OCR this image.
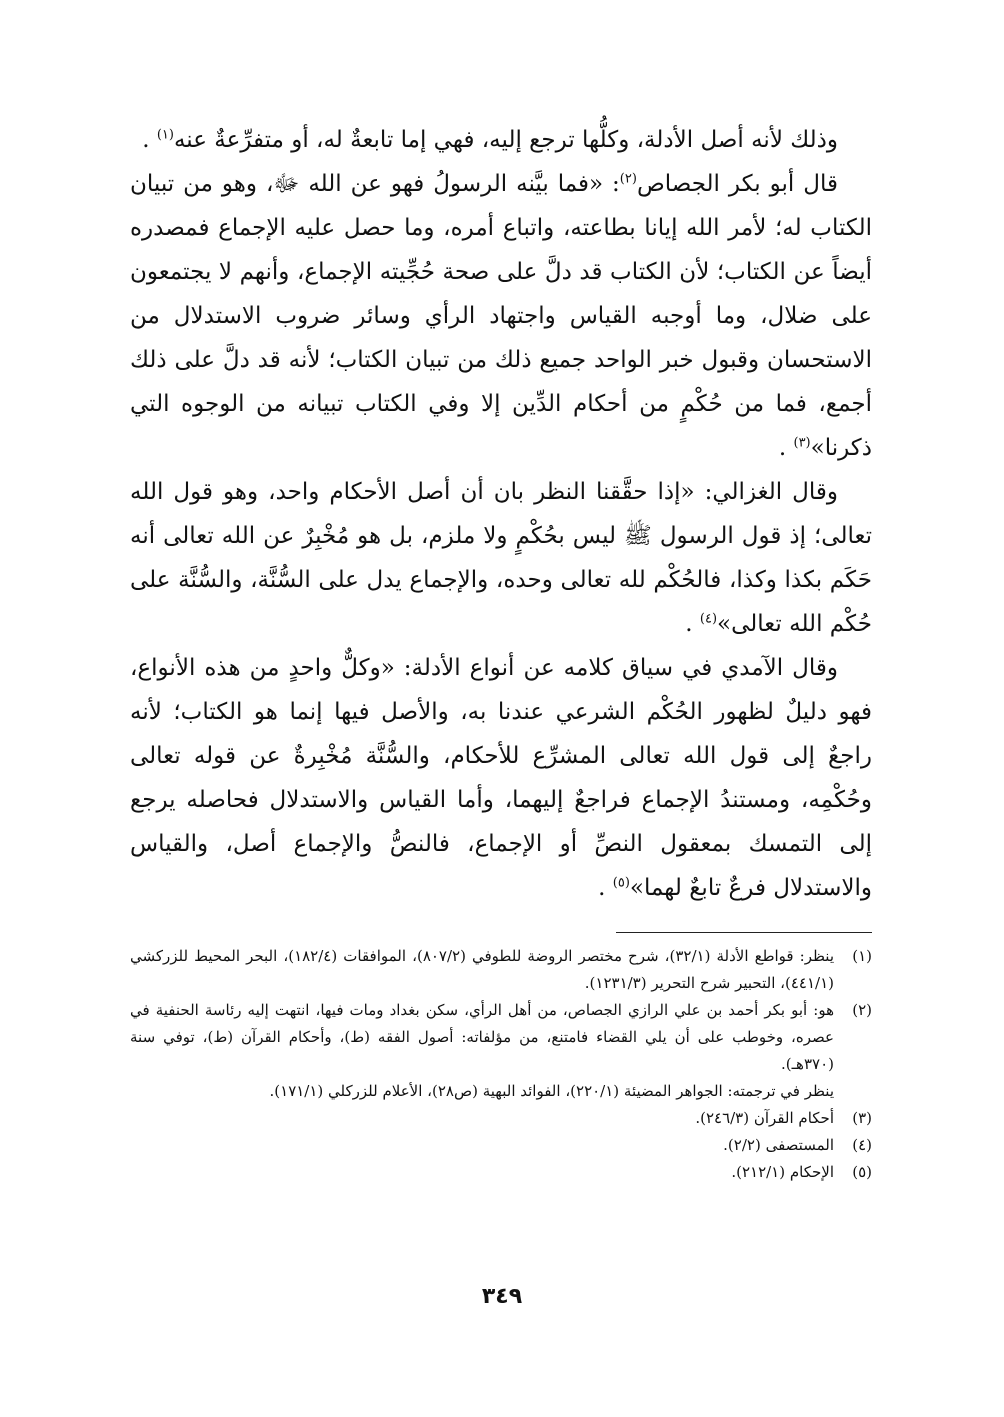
وذلك لأنه أصل الأدلة، وكلُّها ترجع إليه، فهي إما تابعةٌ له، أو متفرِّعةٌ عنه$^{(١)}$ .

قال أبو بكر الجصاص$^{(٢)}$: «فما بيَّنه الرسولُ فهو عن الله ﷻ، وهو من تبيان الكتاب له؛ لأمر الله إيانا بطاعته، واتباع أمره، وما حصل عليه الإجماع فمصدره أيضاً عن الكتاب؛ لأن الكتاب قد دلَّ على صحة حُجِّيته الإجماع، وأنهم لا يجتمعون على ضلال، وما أوجبه القياس واجتهاد الرأي وسائر ضروب الاستدلال من الاستحسان وقبول خبر الواحد جميع ذلك من تبيان الكتاب؛ لأنه قد دلَّ على ذلك أجمع، فما من حُكْمٍ من أحكام الدِّين إلا وفي الكتاب تبيانه من الوجوه التي ذكرنا»$^{(٣)}$ .

وقال الغزالي: «إذا حقَّقنا النظر بان أن أصل الأحكام واحد، وهو قول الله تعالى؛ إذ قول الرسول ﷺ ليس بحُكْمٍ ولا ملزم، بل هو مُخْبِرٌ عن الله تعالى أنه حَكَم بكذا وكذا، فالحُكْم لله تعالى وحده، والإجماع يدل على السُّنَّة، والسُّنَّة على حُكْم الله تعالى»$^{(٤)}$ .

وقال الآمدي في سياق كلامه عن أنواع الأدلة: «وكلٌّ واحدٍ من هذه الأنواع، فهو دليلٌ لظهور الحُكْم الشرعي عندنا به، والأصل فيها إنما هو الكتاب؛ لأنه راجعٌ إلى قول الله تعالى المشرِّع للأحكام، والسُّنَّة مُخْبِرةٌ عن قوله تعالى وحُكْمِه، ومستندُ الإجماع فراجعٌ إليهما، وأما القياس والاستدلال فحاصله يرجع إلى التمسك بمعقول النصِّ أو الإجماع، فالنصُّ والإجماع أصل، والقياس والاستدلال فرعٌ تابعٌ لهما»$^{(٥)}$ .

(١)
ينظر: قواطع الأدلة (٣٢/١)، شرح مختصر الروضة للطوفي (٨٠٧/٢)، الموافقات (١٨٢/٤)، البحر المحيط للزركشي (٤٤١/١)، التحبير شرح التحرير (١٢٣١/٣).
(٢)
هو: أبو بكر أحمد بن علي الرازي الجصاص، من أهل الرأي، سكن بغداد ومات فيها، انتهت إليه رئاسة الحنفية في عصره، وخوطب على أن يلي القضاء فامتنع، من مؤلفاته: أصول الفقه (ط)، وأحكام القرآن (ط)، توفي سنة (٣٧٠هـ).
ينظر في ترجمته: الجواهر المضيئة (٢٢٠/١)، الفوائد البهية (ص٢٨)، الأعلام للزركلي (١٧١/١).
(٣)
أحكام القرآن (٢٤٦/٣).
(٤)
المستصفى (٢/٢).
(٥)
الإحكام (٢١٢/١).
٣٤٩
